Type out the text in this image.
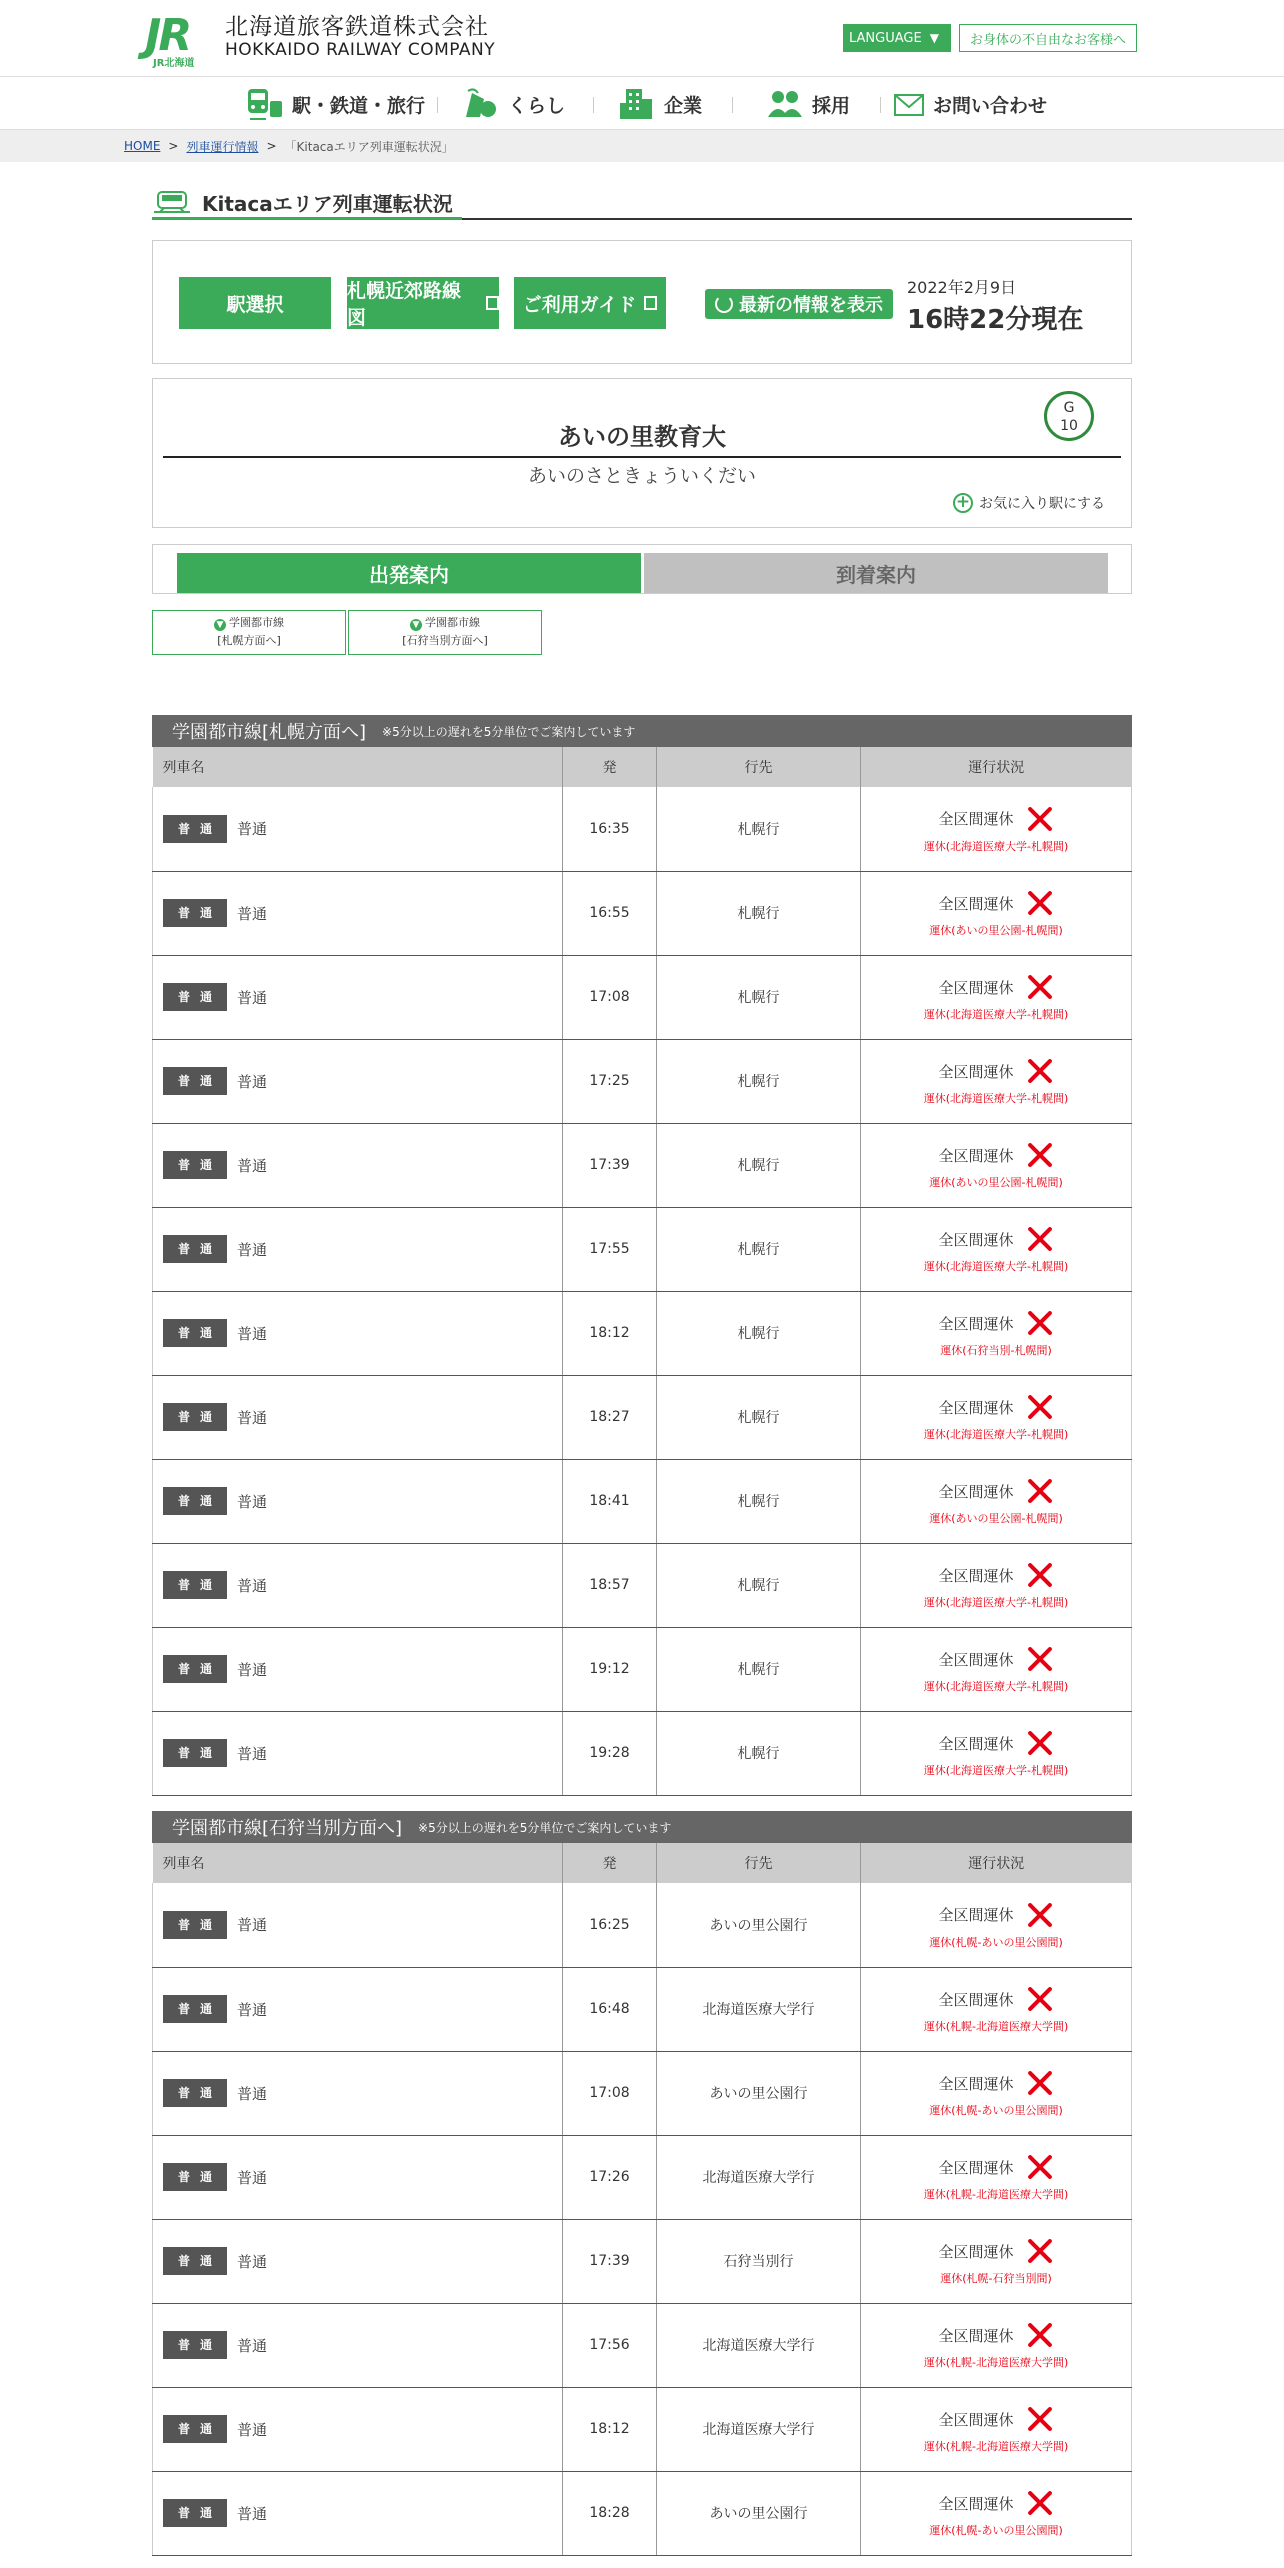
JR
JR北海道
北海道旅客鉄道株式会社
HOKKAIDO RAILWAY COMPANY
LANGUAGE ▼	お身体の不自由なお客様へ
駅・鉄道・旅行	くらし	企業	採用	お問い合わせ
HOME > 列車運行情報 > 「Kitacaエリア列車運転状況」
Kitacaエリア列車運転状況
駅選択
札幌近郊路線図
ご利用ガイド	最新の情報を表示
2022年2月9日
16時22分現在
G
10
あいの里教育大
あいのさときょういくだい
+ お気に入り駅にする
出発案内	到着案内
▼ 学園都市線
[札幌方面へ]
▼ 学園都市線
[石狩当別方面へ]
学園都市線[札幌方面へ] ※5分以上の遅れを5分単位でご案内しています
列車名	発	行先	運行状況
普通 普通	16:35	札幌行	全区間運休
運休(北海道医療大学-札幌間)

普通 普通	16:55	札幌行	全区間運休
運休(あいの里公園-札幌間)

普通 普通	17:08	札幌行	全区間運休
運休(北海道医療大学-札幌間)

普通 普通	17:25	札幌行	全区間運休
運休(北海道医療大学-札幌間)

普通 普通	17:39	札幌行	全区間運休
運休(あいの里公園-札幌間)

普通 普通	17:55	札幌行	全区間運休
運休(北海道医療大学-札幌間)

普通 普通	18:12	札幌行	全区間運休
運休(石狩当別-札幌間)

普通 普通	18:27	札幌行	全区間運休
運休(北海道医療大学-札幌間)

普通 普通	18:41	札幌行	全区間運休
運休(あいの里公園-札幌間)

普通 普通	18:57	札幌行	全区間運休
運休(北海道医療大学-札幌間)

普通 普通	19:12	札幌行	全区間運休
運休(北海道医療大学-札幌間)

普通 普通	19:28	札幌行	全区間運休
運休(北海道医療大学-札幌間)
学園都市線[石狩当別方面へ] ※5分以上の遅れを5分単位でご案内しています
列車名	発	行先	運行状況
普通 普通	16:25	あいの里公園行	全区間運休
運休(札幌-あいの里公園間)

普通 普通	16:48	北海道医療大学行	全区間運休
運休(札幌-北海道医療大学間)

普通 普通	17:08	あいの里公園行	全区間運休
運休(札幌-あいの里公園間)

普通 普通	17:26	北海道医療大学行	全区間運休
運休(札幌-北海道医療大学間)

普通 普通	17:39	石狩当別行	全区間運休
運休(札幌-石狩当別間)

普通 普通	17:56	北海道医療大学行	全区間運休
運休(札幌-北海道医療大学間)

普通 普通	18:12	北海道医療大学行	全区間運休
運休(札幌-北海道医療大学間)

普通 普通	18:28	あいの里公園行	全区間運休
運休(札幌-あいの里公園間)
